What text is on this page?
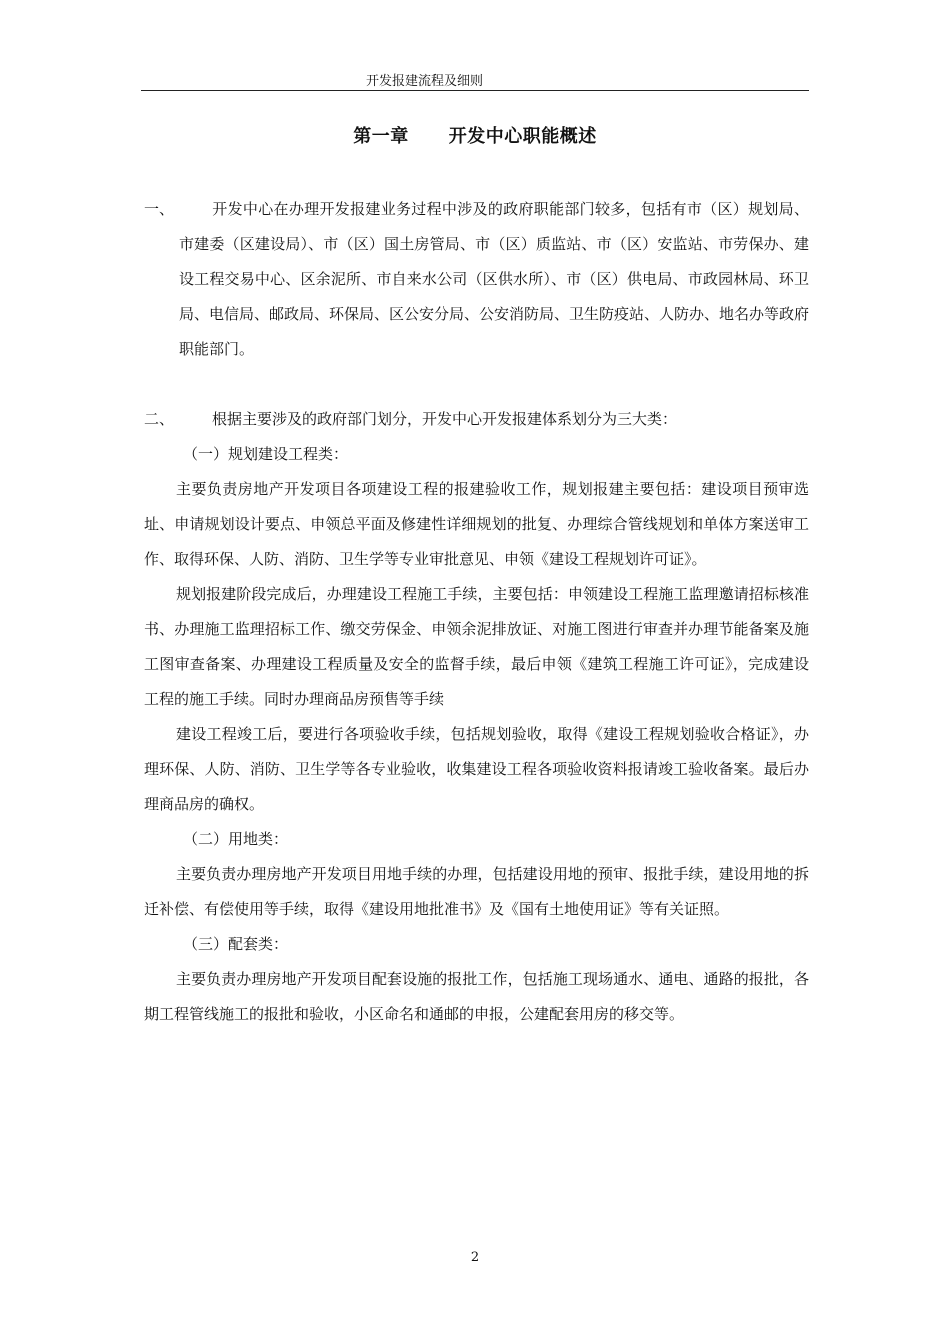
开发报建流程及细则
第一章 开发中心职能概述
一、	开发中心在办理开发报建业务过程中涉及的政府职能部门较多，包括有市（区）规划局、市建委（区建设局）、市（区）国土房管局、市（区）质监站、市（区）安监站、市劳保办、建设工程交易中心、区余泥所、市自来水公司（区供水所）、市（区）供电局、市政园林局、环卫局、电信局、邮政局、环保局、区公安分局、公安消防局、卫生防疫站、人防办、地名办等政府职能部门。
二、	根据主要涉及的政府部门划分，开发中心开发报建体系划分为三大类：
（一）规划建设工程类：
主要负责房地产开发项目各项建设工程的报建验收工作，规划报建主要包括：建设项目预审选址、申请规划设计要点、申领总平面及修建性详细规划的批复、办理综合管线规划和单体方案送审工作、取得环保、人防、消防、卫生学等专业审批意见、申领《建设工程规划许可证》。
规划报建阶段完成后，办理建设工程施工手续，主要包括：申领建设工程施工监理邀请招标核准书、办理施工监理招标工作、缴交劳保金、申领余泥排放证、对施工图进行审查并办理节能备案及施工图审查备案、办理建设工程质量及安全的监督手续，最后申领《建筑工程施工许可证》，完成建设工程的施工手续。同时办理商品房预售等手续
建设工程竣工后，要进行各项验收手续，包括规划验收，取得《建设工程规划验收合格证》，办理环保、人防、消防、卫生学等各专业验收，收集建设工程各项验收资料报请竣工验收备案。最后办理商品房的确权。
（二）用地类：
主要负责办理房地产开发项目用地手续的办理，包括建设用地的预审、报批手续，建设用地的拆迁补偿、有偿使用等手续，取得《建设用地批准书》及《国有土地使用证》等有关证照。
（三）配套类：
主要负责办理房地产开发项目配套设施的报批工作，包括施工现场通水、通电、通路的报批，各期工程管线施工的报批和验收，小区命名和通邮的申报，公建配套用房的移交等。
2
